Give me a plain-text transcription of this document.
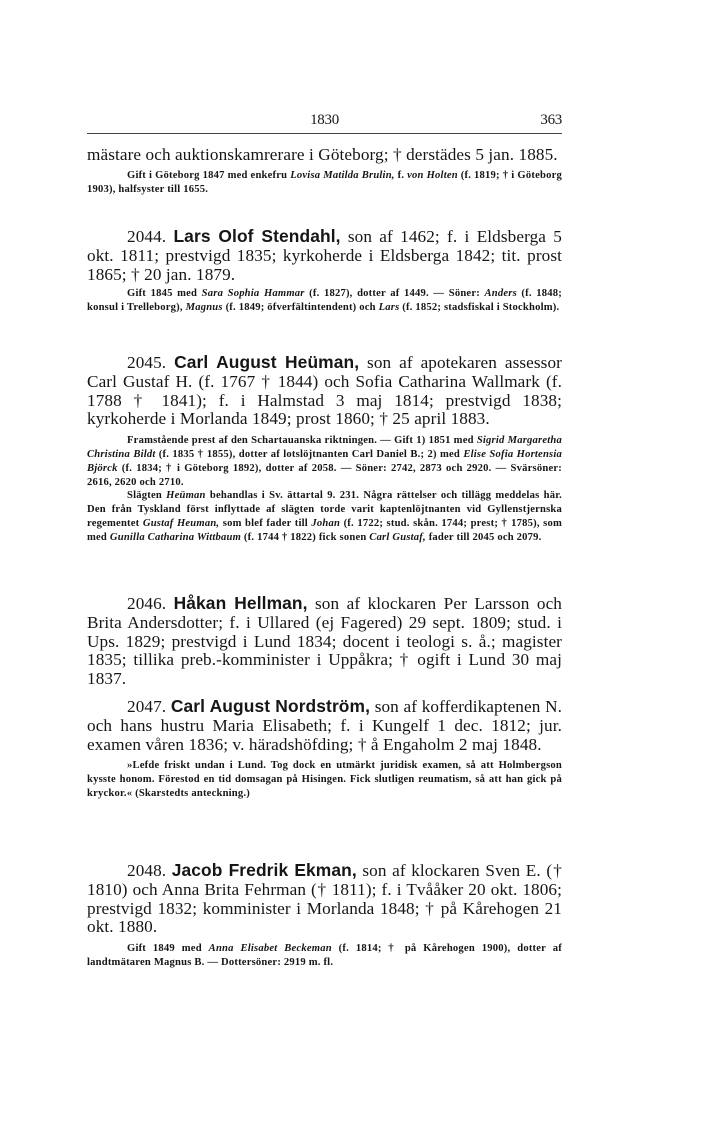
1830	363

mästare och auktionskamrerare i Göteborg; † derstädes 5 jan. 1885.

Gift i Göteborg 1847 med enkefru Lovisa Matilda Brulin, f. von Holten (f. 1819; † i Göteborg 1903), halfsyster till 1655.

2044. Lars Olof Stendahl, son af 1462; f. i Eldsberga 5 okt. 1811; prestvigd 1835; kyrkoherde i Eldsberga 1842; tit. prost 1865; † 20 jan. 1879.

Gift 1845 med Sara Sophia Hammar (f. 1827), dotter af 1449. — Söner: Anders (f. 1848; konsul i Trelleborg), Magnus (f. 1849; öfverfältintendent) och Lars (f. 1852; stadsfiskal i Stockholm).

2045. Carl August Heüman, son af apotekaren assessor Carl Gustaf H. (f. 1767 † 1844) och Sofia Catharina Wallmark (f. 1788 † 1841); f. i Halmstad 3 maj 1814; prestvigd 1838; kyrkoherde i Morlanda 1849; prost 1860; † 25 april 1883.

Framstående prest af den Schartauanska riktningen. — Gift 1) 1851 med Sigrid Margaretha Christina Bildt (f. 1835 † 1855), dotter af lotslöjtnanten Carl Daniel B.; 2) med Elise Sofia Hortensia Björck (f. 1834; † i Göteborg 1892), dotter af 2058. — Söner: 2742, 2873 och 2920. — Svärsöner: 2616, 2620 och 2710.

Slägten Heüman behandlas i Sv. ättartal 9. 231. Några rättelser och tillägg meddelas här. Den från Tyskland först inflyttade af slägten torde varit kaptenlöjtnanten vid Gyllenstjernska regementet Gustaf Heuman, som blef fader till Johan (f. 1722; stud. skån. 1744; prest; † 1785), som med Gunilla Catharina Wittbaum (f. 1744 † 1822) fick sonen Carl Gustaf, fader till 2045 och 2079.

2046. Håkan Hellman, son af klockaren Per Larsson och Brita Andersdotter; f. i Ullared (ej Fagered) 29 sept. 1809; stud. i Ups. 1829; prestvigd i Lund 1834; docent i teologi s. å.; magister 1835; tillika preb.-komminister i Uppåkra; † ogift i Lund 30 maj 1837.

2047. Carl August Nordström, son af kofferdikaptenen N. och hans hustru Maria Elisabeth; f. i Kungelf 1 dec. 1812; jur. examen våren 1836; v. häradshöfding; † å Engaholm 2 maj 1848.

»Lefde friskt undan i Lund. Tog dock en utmärkt juridisk examen, så att Holmbergson kysste honom. Förestod en tid domsagan på Hisingen. Fick slutligen reumatism, så att han gick på kryckor.« (Skarstedts anteckning.)

2048. Jacob Fredrik Ekman, son af klockaren Sven E. († 1810) och Anna Brita Fehrman († 1811); f. i Tvååker 20 okt. 1806; prestvigd 1832; komminister i Morlanda 1848; † på Kårehogen 21 okt. 1880.

Gift 1849 med Anna Elisabet Beckeman (f. 1814; † på Kårehogen 1900), dotter af landtmätaren Magnus B. — Dottersöner: 2919 m. fl.
